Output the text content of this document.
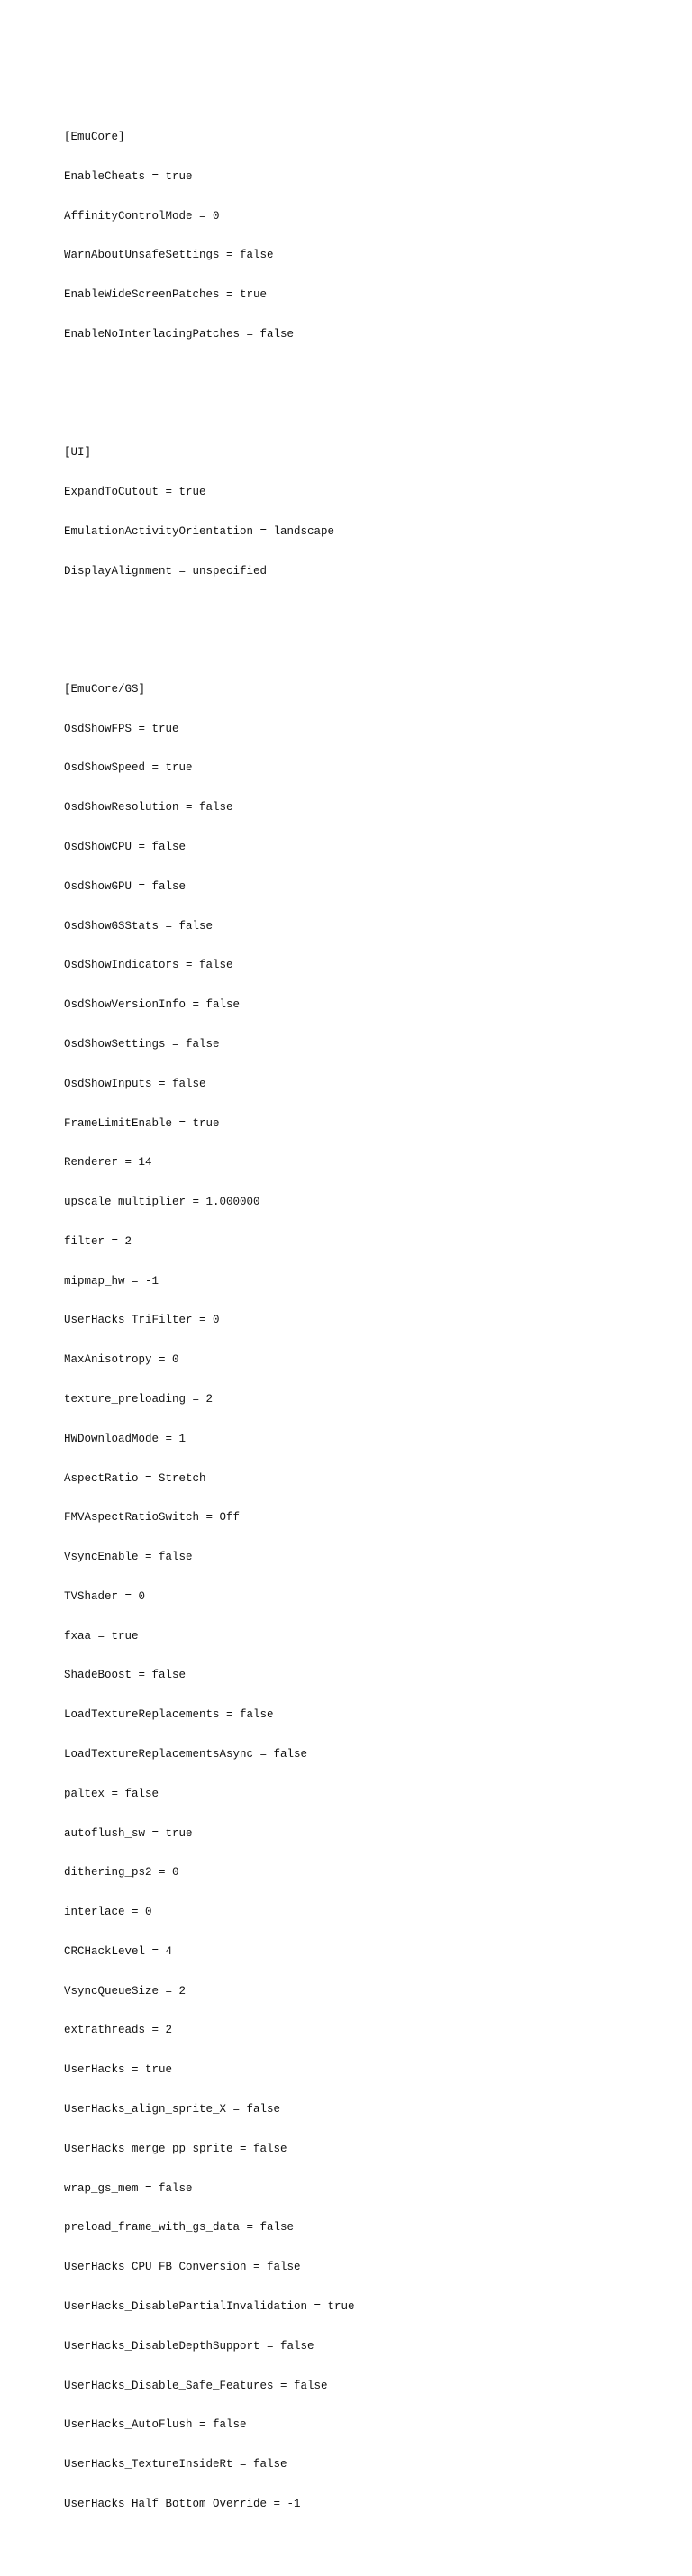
[EmuCore]

EnableCheats = true

AffinityControlMode = 0

WarnAboutUnsafeSettings = false

EnableWideScreenPatches = true

EnableNoInterlacingPatches = false

[UI]

ExpandToCutout = true

EmulationActivityOrientation = landscape

DisplayAlignment = unspecified

[EmuCore/GS]

OsdShowFPS = true

OsdShowSpeed = true

OsdShowResolution = false

OsdShowCPU = false

OsdShowGPU = false

OsdShowGSStats = false

OsdShowIndicators = false

OsdShowVersionInfo = false

OsdShowSettings = false

OsdShowInputs = false

FrameLimitEnable = true

Renderer = 14

upscale_multiplier = 1.000000

filter = 2

mipmap_hw = -1

UserHacks_TriFilter = 0

MaxAnisotropy = 0

texture_preloading = 2

HWDownloadMode = 1

AspectRatio = Stretch

FMVAspectRatioSwitch = Off

VsyncEnable = false

TVShader = 0

fxaa = true

ShadeBoost = false

LoadTextureReplacements = false

LoadTextureReplacementsAsync = false

paltex = false

autoflush_sw = true

dithering_ps2 = 0

interlace = 0

CRCHackLevel = 4

VsyncQueueSize = 2

extrathreads = 2

UserHacks = true

UserHacks_align_sprite_X = false

UserHacks_merge_pp_sprite = false

wrap_gs_mem = false

preload_frame_with_gs_data = false

UserHacks_CPU_FB_Conversion = false

UserHacks_DisablePartialInvalidation = true

UserHacks_DisableDepthSupport = false

UserHacks_Disable_Safe_Features = false

UserHacks_AutoFlush = false

UserHacks_TextureInsideRt = false

UserHacks_Half_Bottom_Override = -1
